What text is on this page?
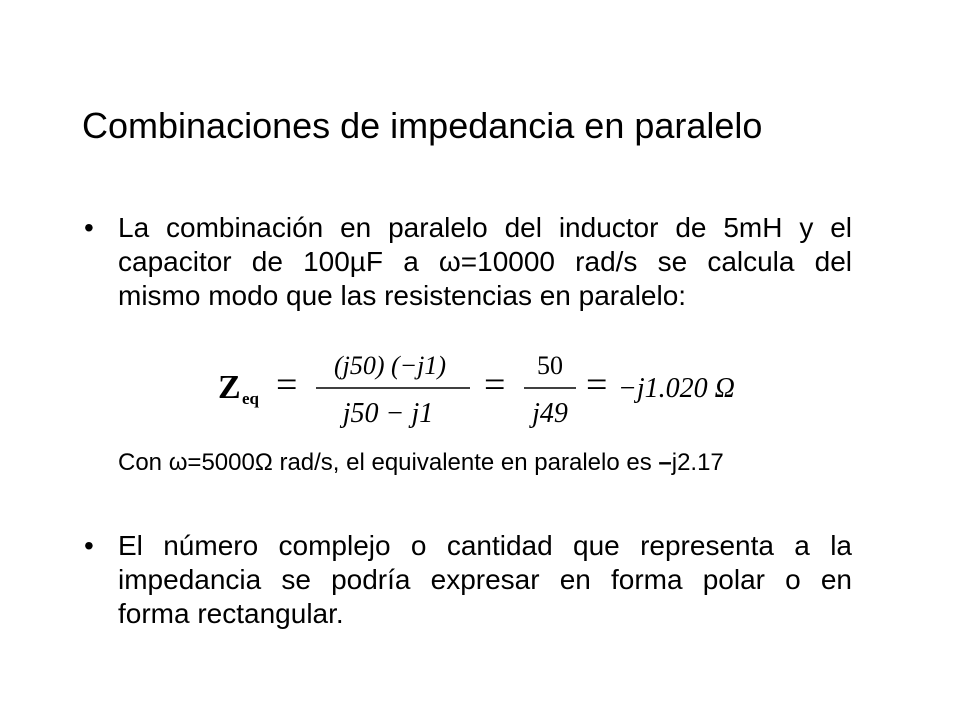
Combinaciones de impedancia en paralelo
• La combinación en paralelo del inductor de 5mH y el
capacitor de 100µF a ω=10000 rad/s se calcula del
mismo modo que las resistencias en paralelo:
Z eq = (j50) (−j1)
j50 − j1
= 50
j49
= −j1.020 Ω
Con ω=5000Ω rad/s, el equivalente en paralelo es –j2.17
• El número complejo o cantidad que representa a la
impedancia se podría expresar en forma polar o en
forma rectangular.
